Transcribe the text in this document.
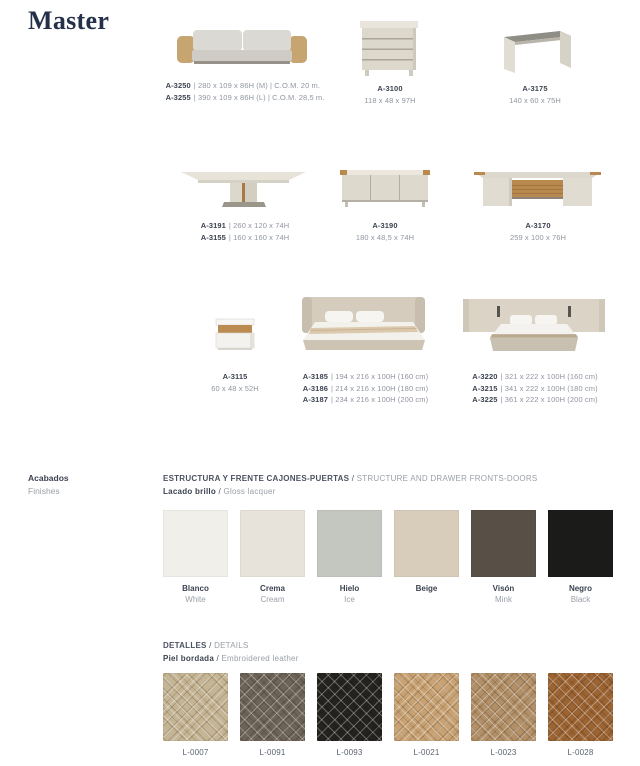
Master
A-3250 | 280 x 109 x 86H (M) | C.O.M. 20 m.
A-3255 | 390 x 109 x 86H (L) | C.O.M. 28,5 m.
A-3100
118 x 48 x 97H
A-3175
140 x 60 x 75H
A-3191 | 260 x 120 x 74H
A-3155 | 160 x 160 x 74H
A-3190
180 x 48,5 x 74H
A-3170
259 x 100 x 76H
A-3115
60 x 48 x 52H
A-3185 | 194 x 216 x 100H (160 cm)
A-3186 | 214 x 216 x 100H (180 cm)
A-3187 | 234 x 216 x 100H (200 cm)
A-3220 | 321 x 222 x 100H (160 cm)
A-3215 | 341 x 222 x 100H (180 cm)
A-3225 | 361 x 222 x 100H (200 cm)
Acabados
Finishes
ESTRUCTURA Y FRENTE CAJONES-PUERTAS / STRUCTURE AND DRAWER FRONTS-DOORS
Lacado brillo / Gloss lacquer
Blanco
White
Crema
Cream
Hielo
Ice
Beige	Visón
Mink
Negro
Black
DETALLES / DETAILS
Piel bordada / Embroidered leather
L-0007	L-0091	L-0093	L-0021	L-0023	L-0028
